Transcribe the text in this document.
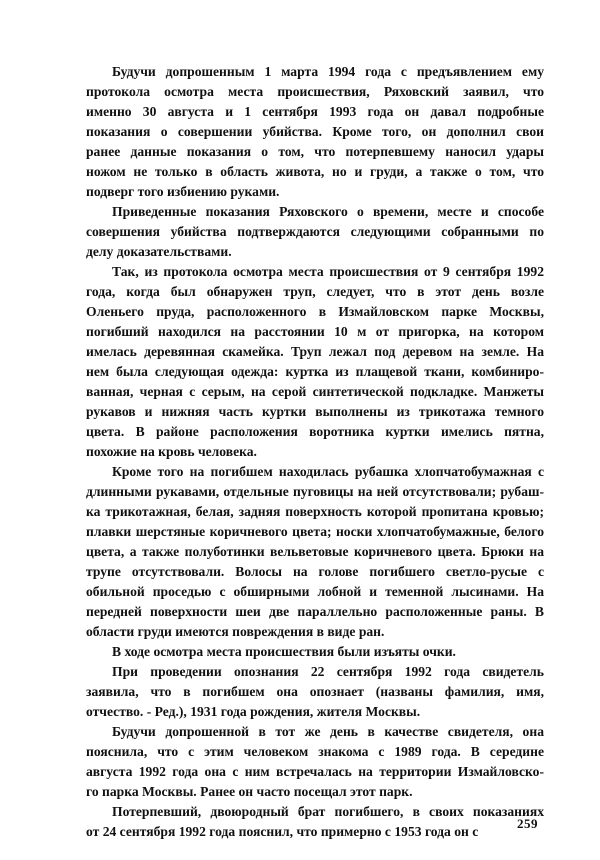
Будучи допрошенным 1 марта 1994 года с предъявлением ему
протокола осмотра места происшествия, Ряховский заявил, что
именно 30 августа и 1 сентября 1993 года он давал подробные
показания о совершении убийства. Кроме того, он дополнил свои
ранее данные показания о том, что потерпевшему наносил удары
ножом не только в область живота, но и груди, а также о том, что
подверг того избиению руками.
Приведенные показания Ряховского о времени, месте и способе
совершения убийства подтверждаются следующими собранными по
делу доказательствами.
Так, из протокола осмотра места происшествия от 9 сентября 1992
года, когда был обнаружен труп, следует, что в этот день возле
Оленьего пруда, расположенного в Измайловском парке Москвы,
погибший находился на расстоянии 10 м от пригорка, на котором
имелась деревянная скамейка. Труп лежал под деревом на земле. На
нем была следующая одежда: куртка из плащевой ткани, комбиниро-
ванная, черная с серым, на серой синтетической подкладке. Манжеты
рукавов и нижняя часть куртки выполнены из трикотажа темного
цвета. В районе расположения воротника куртки имелись пятна,
похожие на кровь человека.
Кроме того на погибшем находилась рубашка хлопчатобумажная с
длинными рукавами, отдельные пуговицы на ней отсутствовали; рубаш-
ка трикотажная, белая, задняя поверхность которой пропитана кровью;
плавки шерстяные коричневого цвета; носки хлопчатобумажные, белого
цвета, а также полуботинки вельветовые коричневого цвета. Брюки на
трупе отсутствовали. Волосы на голове погибшего светло-русые с
обильной проседью с обширными лобной и теменной лысинами. На
передней поверхности шеи две параллельно расположенные раны. В
области груди имеются повреждения в виде ран.
В ходе осмотра места происшествия были изъяты очки.
При проведении опознания 22 сентября 1992 года свидетель
заявила, что в погибшем она опознает (названы фамилия, имя,
отчество. - Ред.), 1931 года рождения, жителя Москвы.
Будучи допрошенной в тот же день в качестве свидетеля, она
пояснила, что с этим человеком знакома с 1989 года. В середине
августа 1992 года она с ним встречалась на территории Измайловско-
го парка Москвы. Ранее он часто посещал этот парк.
Потерпевший, двоюродный брат погибшего, в своих показаниях
от 24 сентября 1992 года пояснил, что примерно с 1953 года он с
259
